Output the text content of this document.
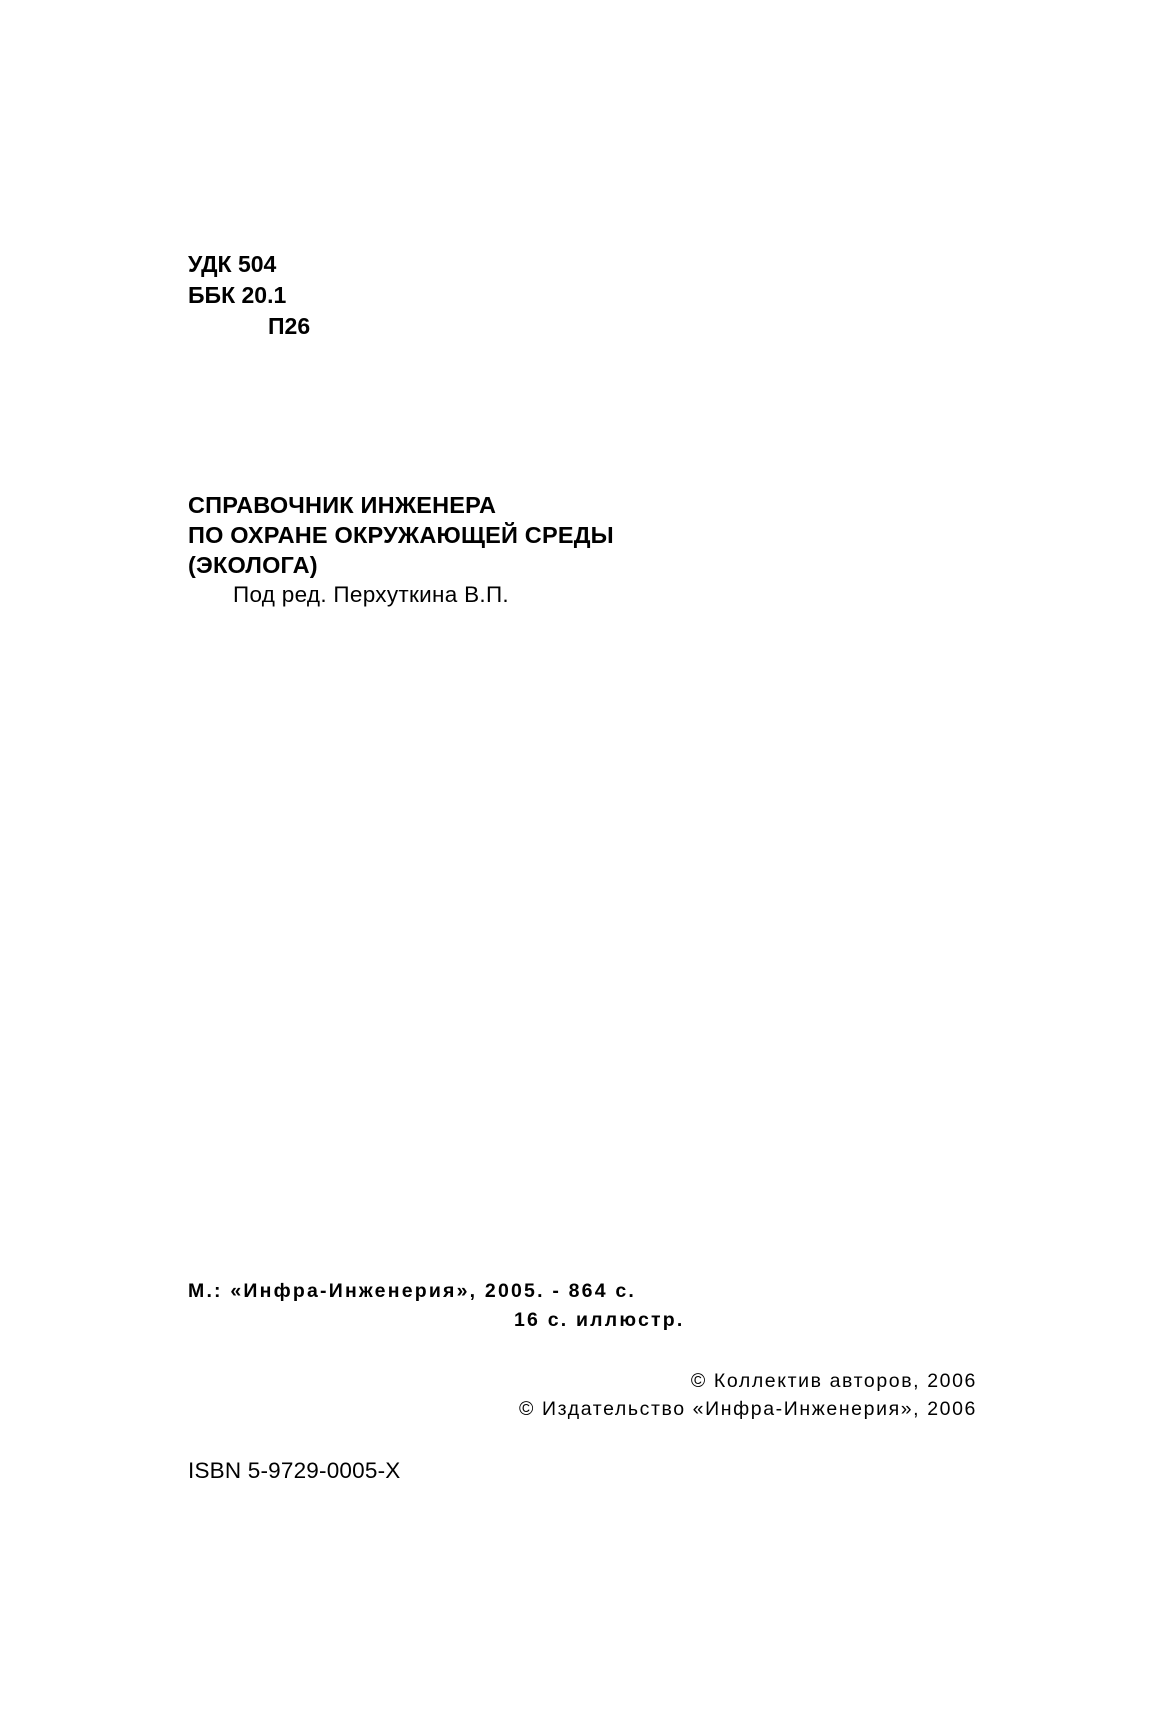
УДК 504
ББК 20.1
П26
СПРАВОЧНИК ИНЖЕНЕРА
ПО ОХРАНЕ ОКРУЖАЮЩЕЙ СРЕДЫ
(ЭКОЛОГА)
Под ред. Перхуткина В.П.
М.: «Инфра-Инженерия», 2005. - 864 с.
16 с. иллюстр.
© Коллектив авторов, 2006
© Издательство «Инфра-Инженерия», 2006
ISBN 5-9729-0005-X
